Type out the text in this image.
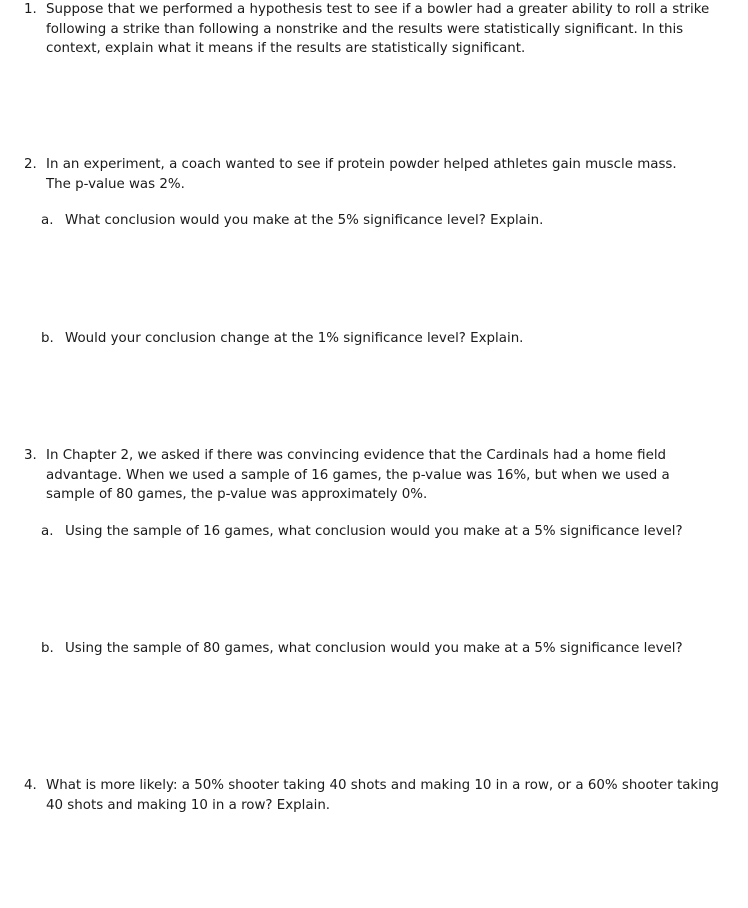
1. Suppose that we performed a hypothesis test to see if a bowler had a greater ability to roll a strike
following a strike than following a nonstrike and the results were statistically significant. In this
context, explain what it means if the results are statistically significant.
2. In an experiment, a coach wanted to see if protein powder helped athletes gain muscle mass.
The p-value was 2%.
a. What conclusion would you make at the 5% significance level? Explain.
b. Would your conclusion change at the 1% significance level? Explain.
3. In Chapter 2, we asked if there was convincing evidence that the Cardinals had a home field
advantage. When we used a sample of 16 games, the p-value was 16%, but when we used a
sample of 80 games, the p-value was approximately 0%.
a. Using the sample of 16 games, what conclusion would you make at a 5% significance level?
b. Using the sample of 80 games, what conclusion would you make at a 5% significance level?
4. What is more likely: a 50% shooter taking 40 shots and making 10 in a row, or a 60% shooter taking
40 shots and making 10 in a row? Explain.
